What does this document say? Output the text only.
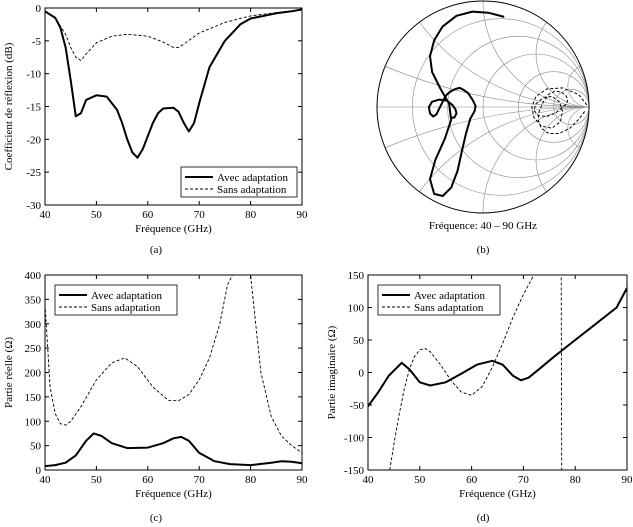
40	50	60	70	80	90
0
-5
-10
-15
-20
-25
-30
Fréquence (GHz)
Coefficient de réflexion (dB)
Avec adaptation
Sans adaptation
(a)
Fréquence: 40 – 90 GHz
(b)
40	50	60	70	80	90
0
50
100
150
200
250
300
350
400
Fréquence (GHz)
Partie réelle (Ω)
Avec adaptation
Sans adaptation
(c)
40	50	60	70	80	90
150
100
50
0
-50
-100
-150
Fréquence (GHz)
Partie imaginaire (Ω)
Avec adaptation
Sans adaptation
(d)
